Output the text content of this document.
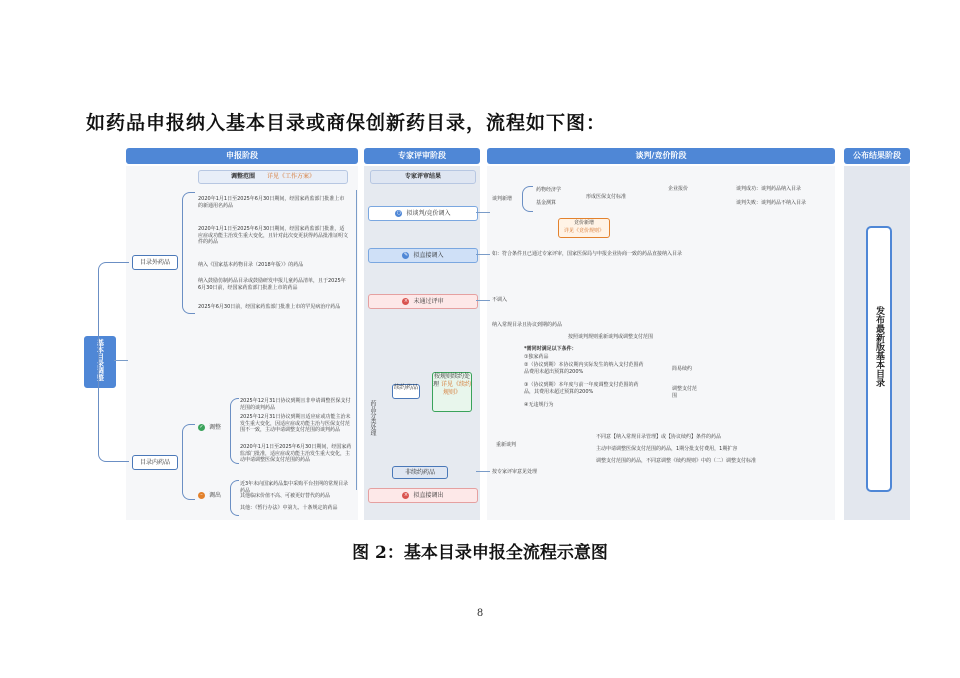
如药品申报纳入基本目录或商保创新药目录，流程如下图：
申报阶段	专家评审阶段	谈判/竞价阶段	公布结果阶段
基本目录调整
调整范围 详见《工作方案》
目录外药品
目录内药品
2020年1月1日至2025年6月30日期间，经国家药监部门批准上市的新通用名药品
2020年1月1日至2025年6月30日期间，经国家药监部门批准，适应症或功能主治发生重大变化，且针对此次变更获得药品批准证明文件的药品
纳入《国家基本药物目录（2018年版）》的药品
纳入鼓励仿制药品目录或鼓励研发申报儿童药品清单，且于2025年6月30日前，经国家药监部门批准上市的药品
2025年6月30日前，经国家药监部门批准上市的罕见病治疗药品
✓ 调整
– 调出
2025年12月31日协议到期且非申请调整医保支付范围的谈判药品
2025年12月31日协议到期且适应症或功能主治未发生重大变化，因适应症或功能主治与医保支付范围不一致，主动申请调整支付范围的谈判药品
2020年1月1日至2025年6月30日期间，经国家药监部门批准，适应症或功能主治发生重大变化，主动申请调整医保支付范围的药品
近3年未向国家药品集中采购平台挂网的常规目录药品
其他临床价值不高、可被更好替代的药品
其他：《暂行办法》中第九、十条规定的药品
专家评审结果
○ 拟谈判/竞价调入
✎ 拟直接调入
× 未通过评审
× 拟直接调出
药品分类处理
续约药品
按规则续约处理 详见《续约规则》
非续约药品
谈判新增
药物经济学
基金测算
形成医保支付标准
企业报价	谈判成功：谈判药品纳入目录
谈判失败：谈判药品不纳入目录
竞价新增
详见《竞价规则》
如：符合条件且已通过专家评审，国家医保局与申报企业协商一致的药品直接纳入目录
不调入
纳入常规目录且协议到期的药品
按照谈判规则重新谈判或调整支付范围
*需同时满足以下条件：
①独家药品
②（协议到期）本协议期内实际发生的纳入支付范围药品费用未超出预算的200%
③（协议到期）本年度与前一年度调整支付范围的药品，其费用未超过预算的200%
④无违规行为
简易续约
重新谈判
调整支付范围
不同意【纳入常规目录管理】或【协议续约】条件的药品
主动申请调整医保支付范围的药品，1期分批支付费用，1期扩容
调整支付范围的药品，不同意调整《续约规则》中的（二）调整支付标准
按专家评审意见处理
发布最新版基本目录
图 2：基本目录申报全流程示意图
8
